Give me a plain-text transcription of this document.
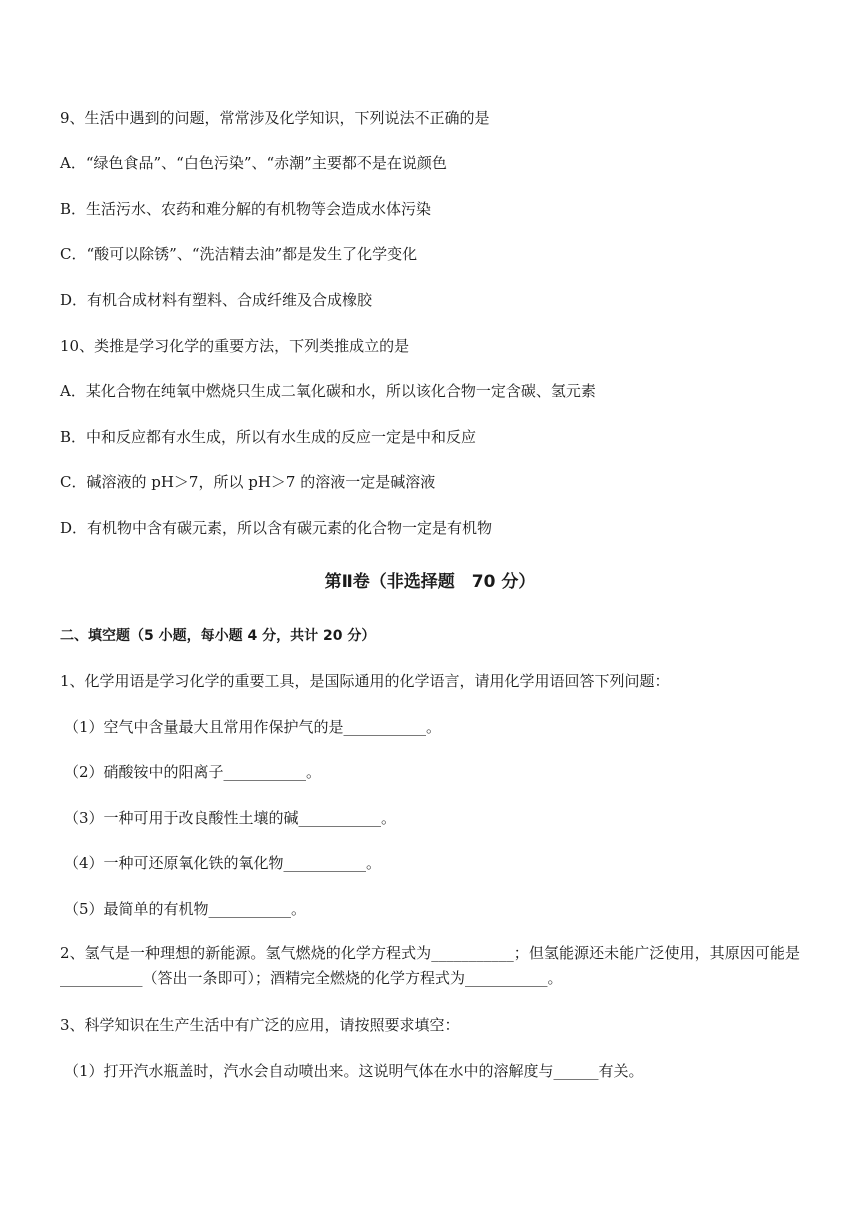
9、生活中遇到的问题，常常涉及化学知识，下列说法不正确的是
A．“绿色食品”、“白色污染”、“赤潮”主要都不是在说颜色
B．生活污水、农药和难分解的有机物等会造成水体污染
C．“酸可以除锈”、“洗洁精去油”都是发生了化学变化
D．有机合成材料有塑料、合成纤维及合成橡胶
10、类推是学习化学的重要方法，下列类推成立的是
A．某化合物在纯氧中燃烧只生成二氧化碳和水，所以该化合物一定含碳、氢元素
B．中和反应都有水生成，所以有水生成的反应一定是中和反应
C．碱溶液的 pH＞7，所以 pH＞7 的溶液一定是碱溶液
D．有机物中含有碳元素，所以含有碳元素的化合物一定是有机物
第Ⅱ卷（非选择题　70 分）
二、填空题（5 小题，每小题 4 分，共计 20 分）
1、化学用语是学习化学的重要工具，是国际通用的化学语言，请用化学用语回答下列问题：
（1）空气中含量最大且常用作保护气的是___________。
（2）硝酸铵中的阳离子___________。
（3）一种可用于改良酸性土壤的碱___________。
（4）一种可还原氧化铁的氧化物___________。
（5）最简单的有机物___________。
2、氢气是一种理想的新能源。氢气燃烧的化学方程式为___________；但氢能源还未能广泛使用，其原因可能是___________（答出一条即可）；酒精完全燃烧的化学方程式为___________。
3、科学知识在生产生活中有广泛的应用，请按照要求填空：
（1）打开汽水瓶盖时，汽水会自动喷出来。这说明气体在水中的溶解度与______有关。
